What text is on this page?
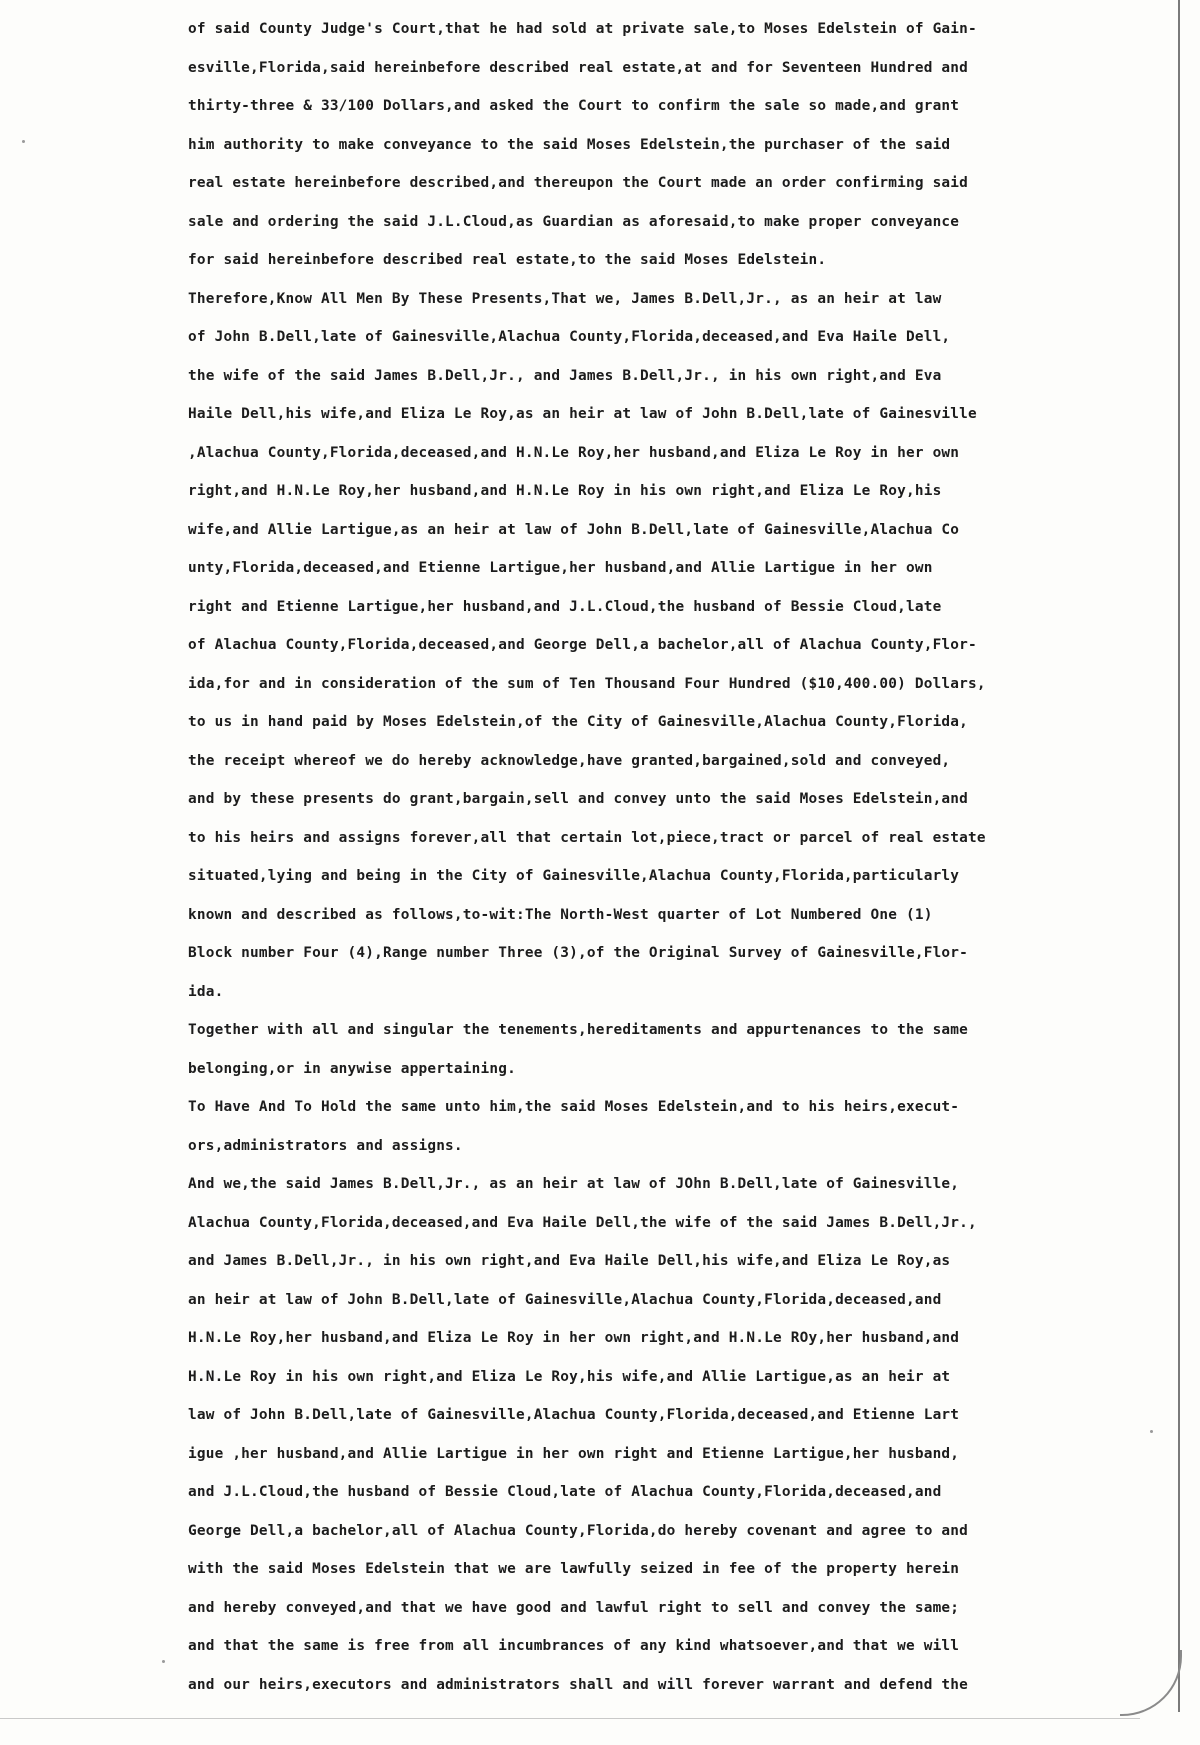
of said County Judge's Court,that he had sold at private sale,to Moses Edelstein of Gain-
esville,Florida,said hereinbefore described real estate,at and for Seventeen Hundred and
thirty-three & 33/100 Dollars,and asked the Court to confirm the sale so made,and grant
him authority to make conveyance to the said Moses Edelstein,the purchaser of the said
real estate hereinbefore described,and thereupon the Court made an order confirming said
sale and ordering the said J.L.Cloud,as Guardian as aforesaid,to make proper conveyance
for said hereinbefore described real estate,to the said Moses Edelstein.
Therefore,Know All Men By These Presents,That we, James B.Dell,Jr., as an heir at law
of John B.Dell,late of Gainesville,Alachua County,Florida,deceased,and Eva Haile Dell,
the wife of the said James B.Dell,Jr., and James B.Dell,Jr., in his own right,and Eva
Haile Dell,his wife,and Eliza Le Roy,as an heir at law of John B.Dell,late of Gainesville
,Alachua County,Florida,deceased,and H.N.Le Roy,her husband,and Eliza Le Roy in her own
right,and H.N.Le Roy,her husband,and H.N.Le Roy in his own right,and Eliza Le Roy,his
wife,and Allie Lartigue,as an heir at law of John B.Dell,late of Gainesville,Alachua Co
unty,Florida,deceased,and Etienne Lartigue,her husband,and Allie Lartigue in her own
right and Etienne Lartigue,her husband,and J.L.Cloud,the husband of Bessie Cloud,late
of Alachua County,Florida,deceased,and George Dell,a bachelor,all of Alachua County,Flor-
ida,for and in consideration of the sum of Ten Thousand Four Hundred ($10,400.00) Dollars,
to us in hand paid by Moses Edelstein,of the City of Gainesville,Alachua County,Florida,
the receipt whereof we do hereby acknowledge,have granted,bargained,sold and conveyed,
and by these presents do grant,bargain,sell and convey unto the said Moses Edelstein,and
to his heirs and assigns forever,all that certain lot,piece,tract or parcel of real estate
situated,lying and being in the City of Gainesville,Alachua County,Florida,particularly
known and described as follows,to-wit:The North-West quarter of Lot Numbered One (1)
Block number Four (4),Range number Three (3),of the Original Survey of Gainesville,Flor-
ida.
Together with all and singular the tenements,hereditaments and appurtenances to the same
belonging,or in anywise appertaining.
To Have And To Hold the same unto him,the said Moses Edelstein,and to his heirs,execut-
ors,administrators and assigns.
And we,the said James B.Dell,Jr., as an heir at law of JOhn B.Dell,late of Gainesville,
Alachua County,Florida,deceased,and Eva Haile Dell,the wife of the said James B.Dell,Jr.,
and James B.Dell,Jr., in his own right,and Eva Haile Dell,his wife,and Eliza Le Roy,as
an heir at law of John B.Dell,late of Gainesville,Alachua County,Florida,deceased,and
H.N.Le Roy,her husband,and Eliza Le Roy in her own right,and H.N.Le ROy,her husband,and
H.N.Le Roy in his own right,and Eliza Le Roy,his wife,and Allie Lartigue,as an heir at
law of John B.Dell,late of Gainesville,Alachua County,Florida,deceased,and Etienne Lart
igue ,her husband,and Allie Lartigue in her own right and Etienne Lartigue,her husband,
and J.L.Cloud,the husband of Bessie Cloud,late of Alachua County,Florida,deceased,and
George Dell,a bachelor,all of Alachua County,Florida,do hereby covenant and agree to and
with the said Moses Edelstein that we are lawfully seized in fee of the property herein
and hereby conveyed,and that we have good and lawful right to sell and convey the same;
and that the same is free from all incumbrances of any kind whatsoever,and that we will
and our heirs,executors and administrators shall and will forever warrant and defend the
